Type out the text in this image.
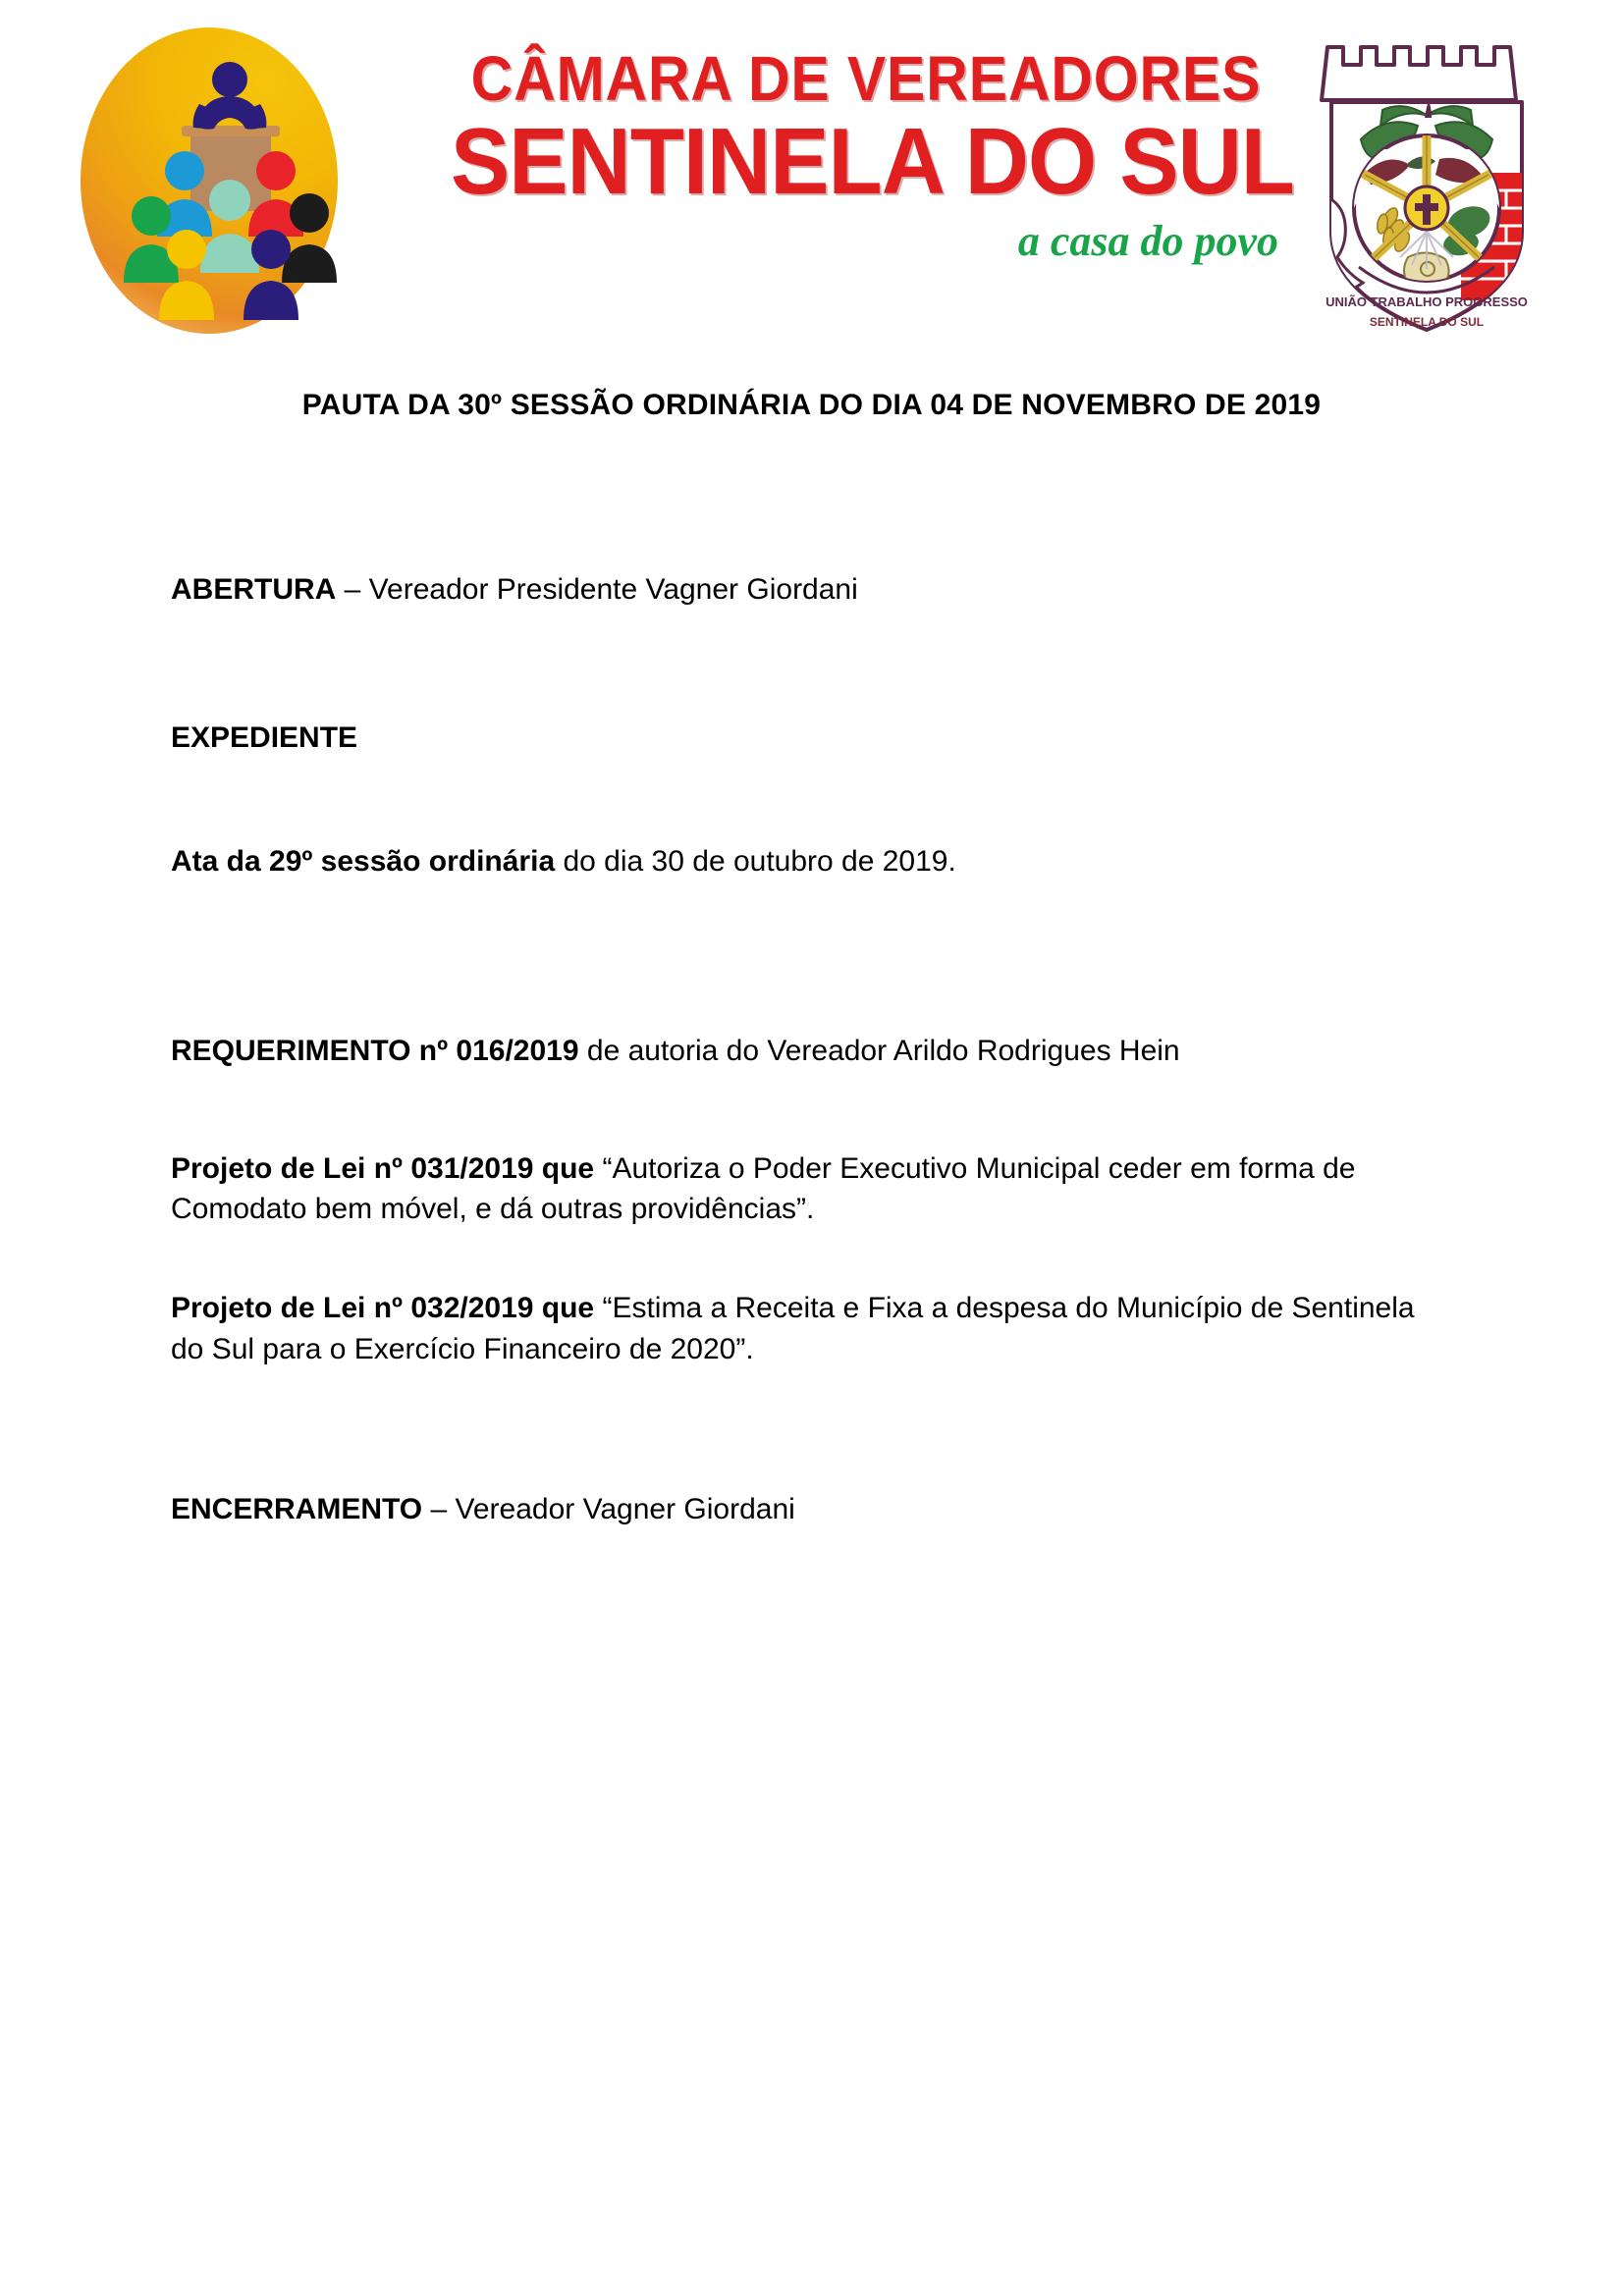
CÂMARA DE VEREADORES
SENTINELA DO SUL
a casa do povo
UNIÃO TRABALHO PROGRESSO
SENTINELA DO SUL
PAUTA DA 30º SESSÃO ORDINÁRIA DO DIA 04 DE NOVEMBRO DE 2019

ABERTURA – Vereador Presidente Vagner Giordani

EXPEDIENTE

Ata da 29º sessão ordinária do dia 30 de outubro de 2019.

REQUERIMENTO nº 016/2019 de autoria do Vereador Arildo Rodrigues Hein

Projeto de Lei nº 031/2019 que “Autoriza o Poder Executivo Municipal ceder em forma de Comodato bem móvel, e dá outras providências”.

Projeto de Lei nº 032/2019 que “Estima a Receita e Fixa a despesa do Município de Sentinela do Sul para o Exercício Financeiro de 2020”.

ENCERRAMENTO – Vereador Vagner Giordani
